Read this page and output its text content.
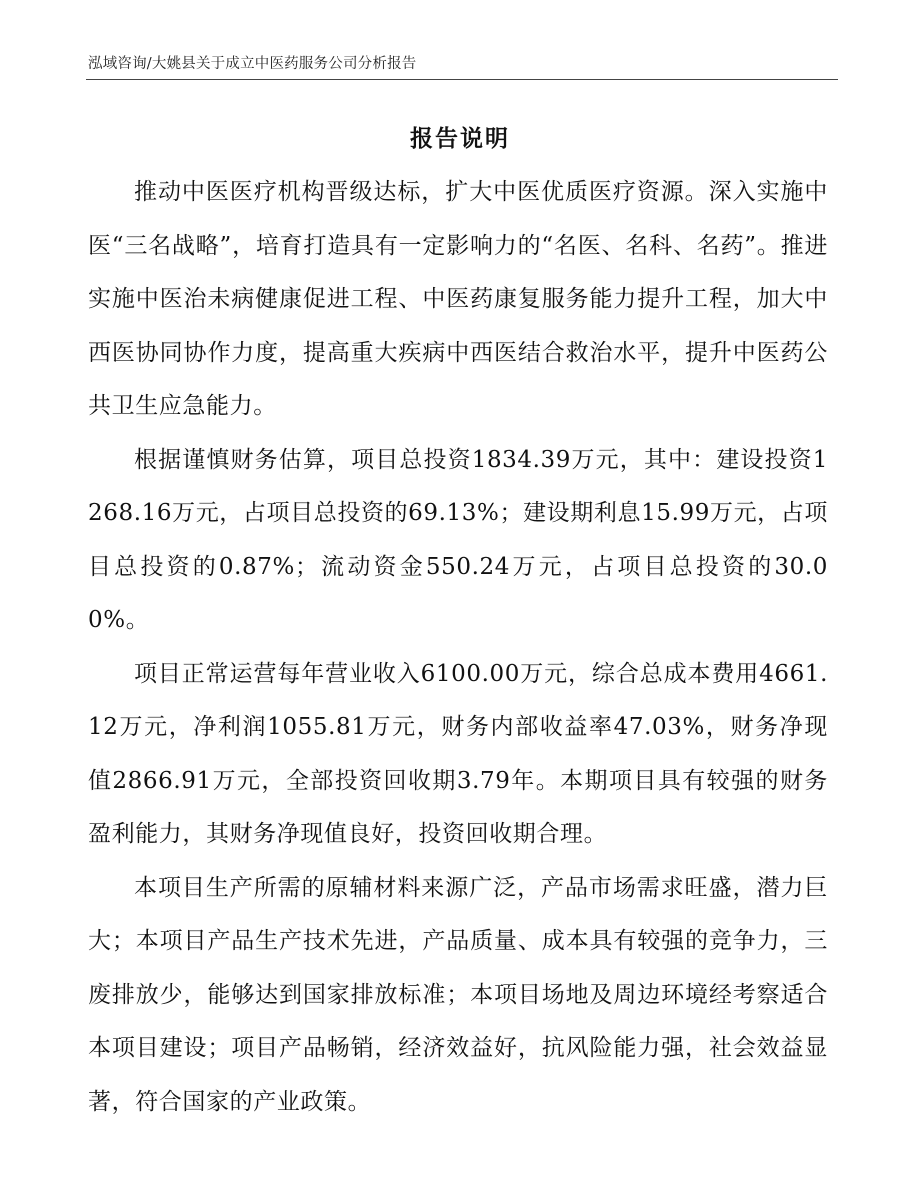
泓域咨询/大姚县关于成立中医药服务公司分析报告
报告说明

推动中医医疗机构晋级达标，扩大中医优质医疗资源。深入实施中医“三名战略”，培育打造具有一定影响力的“名医、名科、名药”。推进实施中医治未病健康促进工程、中医药康复服务能力提升工程，加大中西医协同协作力度，提高重大疾病中西医结合救治水平，提升中医药公共卫生应急能力。

根据谨慎财务估算，项目总投资1834.39万元，其中：建设投资1268.16万元，占项目总投资的69.13%；建设期利息15.99万元，占项目总投资的0.87%；流动资金550.24万元，占项目总投资的30.00%。

项目正常运营每年营业收入6100.00万元，综合总成本费用4661.12万元，净利润1055.81万元，财务内部收益率47.03%，财务净现值2866.91万元，全部投资回收期3.79年。本期项目具有较强的财务盈利能力，其财务净现值良好，投资回收期合理。

本项目生产所需的原辅材料来源广泛，产品市场需求旺盛，潜力巨大；本项目产品生产技术先进，产品质量、成本具有较强的竞争力，三废排放少，能够达到国家排放标准；本项目场地及周边环境经考察适合本项目建设；项目产品畅销，经济效益好，抗风险能力强，社会效益显著，符合国家的产业政策。
